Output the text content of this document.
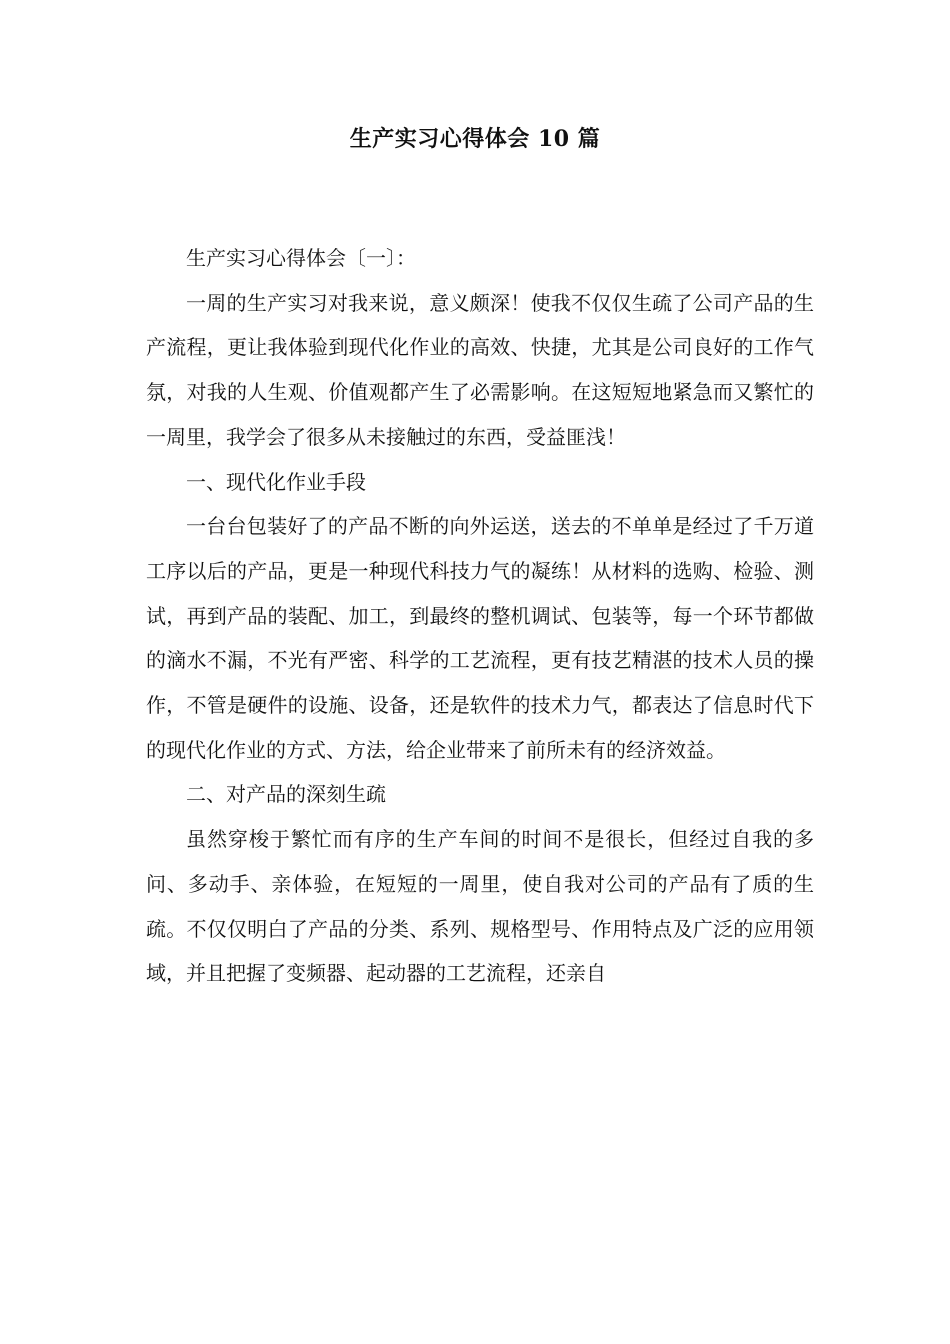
生产实习心得体会 10 篇

生产实习心得体会〔一〕：

一周的生产实习对我来说，意义颇深！使我不仅仅生疏了公司产品的生产流程，更让我体验到现代化作业的高效、快捷，尤其是公司良好的工作气氛，对我的人生观、价值观都产生了必需影响。在这短短地紧急而又繁忙的一周里，我学会了很多从未接触过的东西，受益匪浅！

一、现代化作业手段

一台台包装好了的产品不断的向外运送，送去的不单单是经过了千万道工序以后的产品，更是一种现代科技力气的凝练！从材料的选购、检验、测试，再到产品的装配、加工，到最终的整机调试、包装等，每一个环节都做的滴水不漏，不光有严密、科学的工艺流程，更有技艺精湛的技术人员的操作，不管是硬件的设施、设备，还是软件的技术力气，都表达了信息时代下的现代化作业的方式、方法，给企业带来了前所未有的经济效益。

二、对产品的深刻生疏

虽然穿梭于繁忙而有序的生产车间的时间不是很长，但经过自我的多问、多动手、亲体验，在短短的一周里，使自我对公司的产品有了质的生疏。不仅仅明白了产品的分类、系列、规格型号、作用特点及广泛的应用领域，并且把握了变频器、起动器的工艺流程，还亲自
